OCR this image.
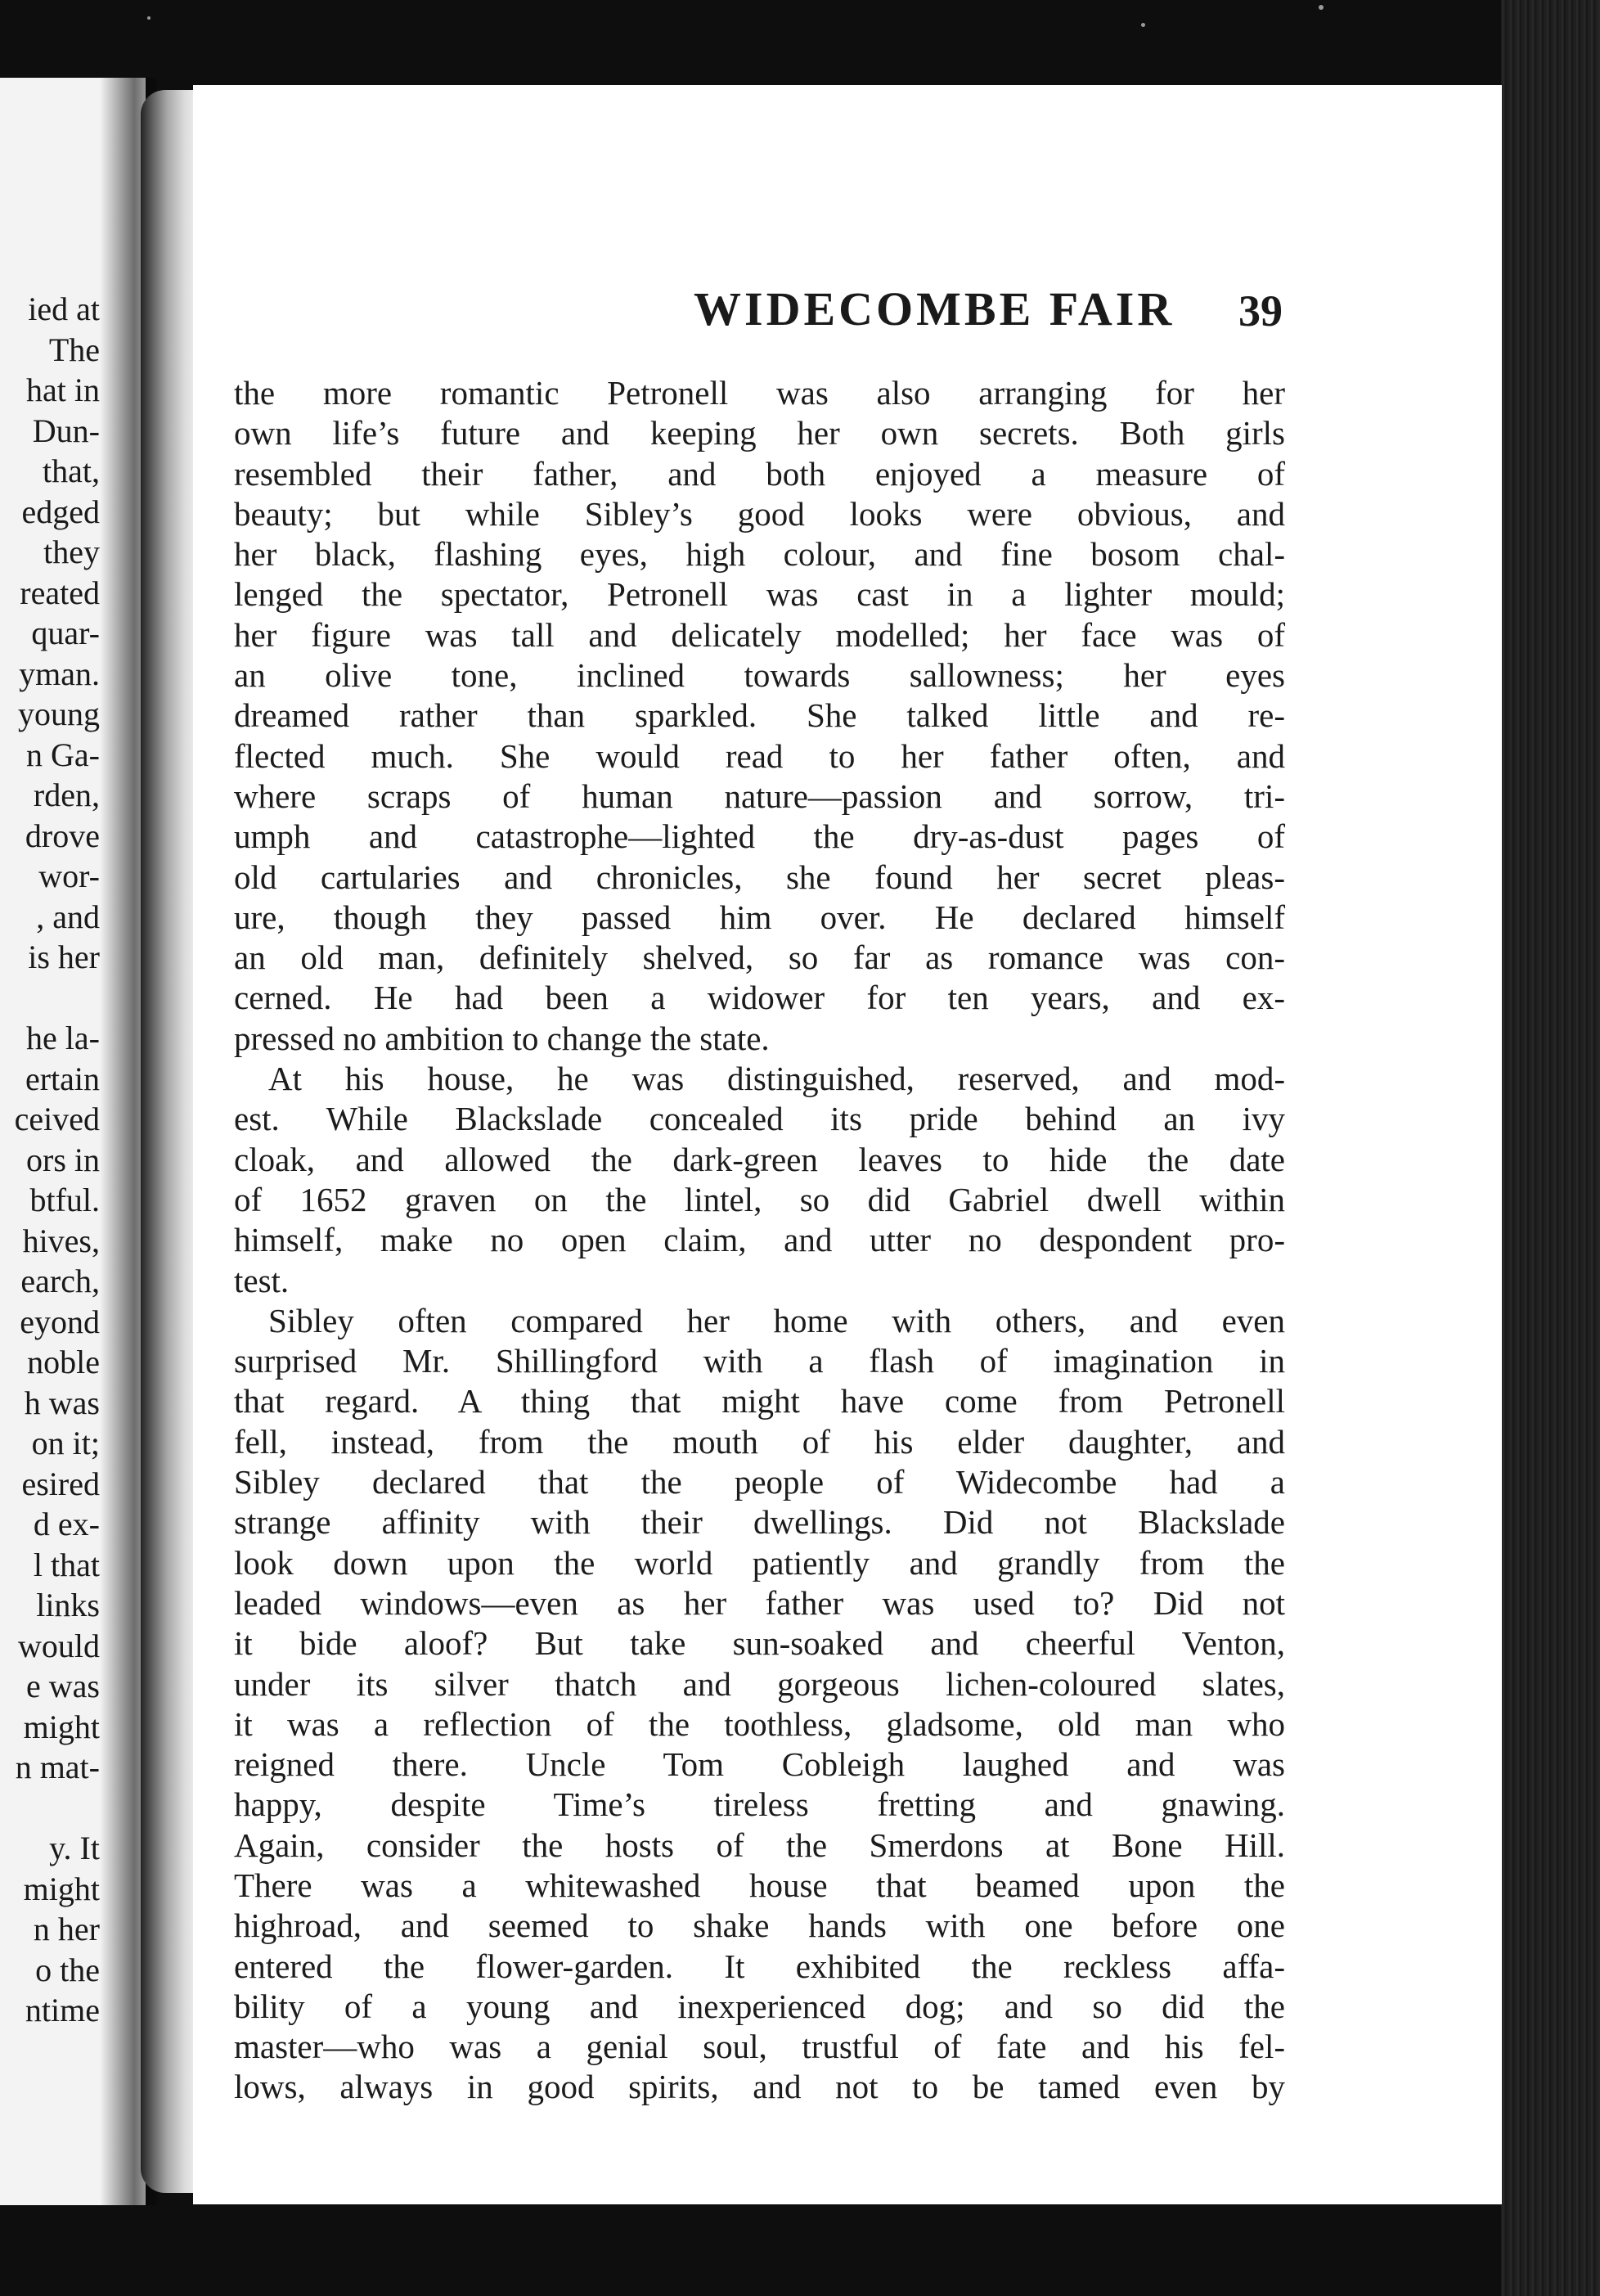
ied at
The
hat in
Dun-
that,
edged
they
reated
quar-
yman.
young
n Ga-
rden,
drove
wor-
, and
is her
he la-
ertain
ceived
ors in
btful.
hives,
earch,
eyond
noble
h was
on it;
esired
d ex-
l that
links
would
e was
might
n mat-
y. It
might
n her
o the
ntime
WIDECOMBE FAIR 39

the more romantic Petronell was also arranging for her

own life’s future and keeping her own secrets. Both girls

resembled their father, and both enjoyed a measure of

beauty; but while Sibley’s good looks were obvious, and

her black, flashing eyes, high colour, and fine bosom chal-

lenged the spectator, Petronell was cast in a lighter mould;

her figure was tall and delicately modelled; her face was of

an olive tone, inclined towards sallowness; her eyes

dreamed rather than sparkled. She talked little and re-

flected much. She would read to her father often, and

where scraps of human nature—passion and sorrow, tri-

umph and catastrophe—lighted the dry-as-dust pages of

old cartularies and chronicles, she found her secret pleas-

ure, though they passed him over. He declared himself

an old man, definitely shelved, so far as romance was con-

cerned. He had been a widower for ten years, and ex-

pressed no ambition to change the state.

At his house, he was distinguished, reserved, and mod-

est. While Blackslade concealed its pride behind an ivy

cloak, and allowed the dark-green leaves to hide the date

of 1652 graven on the lintel, so did Gabriel dwell within

himself, make no open claim, and utter no despondent pro-

test.

Sibley often compared her home with others, and even

surprised Mr. Shillingford with a flash of imagination in

that regard. A thing that might have come from Petronell

fell, instead, from the mouth of his elder daughter, and

Sibley declared that the people of Widecombe had a

strange affinity with their dwellings. Did not Blackslade

look down upon the world patiently and grandly from the

leaded windows—even as her father was used to? Did not

it bide aloof? But take sun-soaked and cheerful Venton,

under its silver thatch and gorgeous lichen-coloured slates,

it was a reflection of the toothless, gladsome, old man who

reigned there. Uncle Tom Cobleigh laughed and was

happy, despite Time’s tireless fretting and gnawing.

Again, consider the hosts of the Smerdons at Bone Hill.

There was a whitewashed house that beamed upon the

highroad, and seemed to shake hands with one before one

entered the flower-garden. It exhibited the reckless affa-

bility of a young and inexperienced dog; and so did the

master—who was a genial soul, trustful of fate and his fel-

lows, always in good spirits, and not to be tamed even by
